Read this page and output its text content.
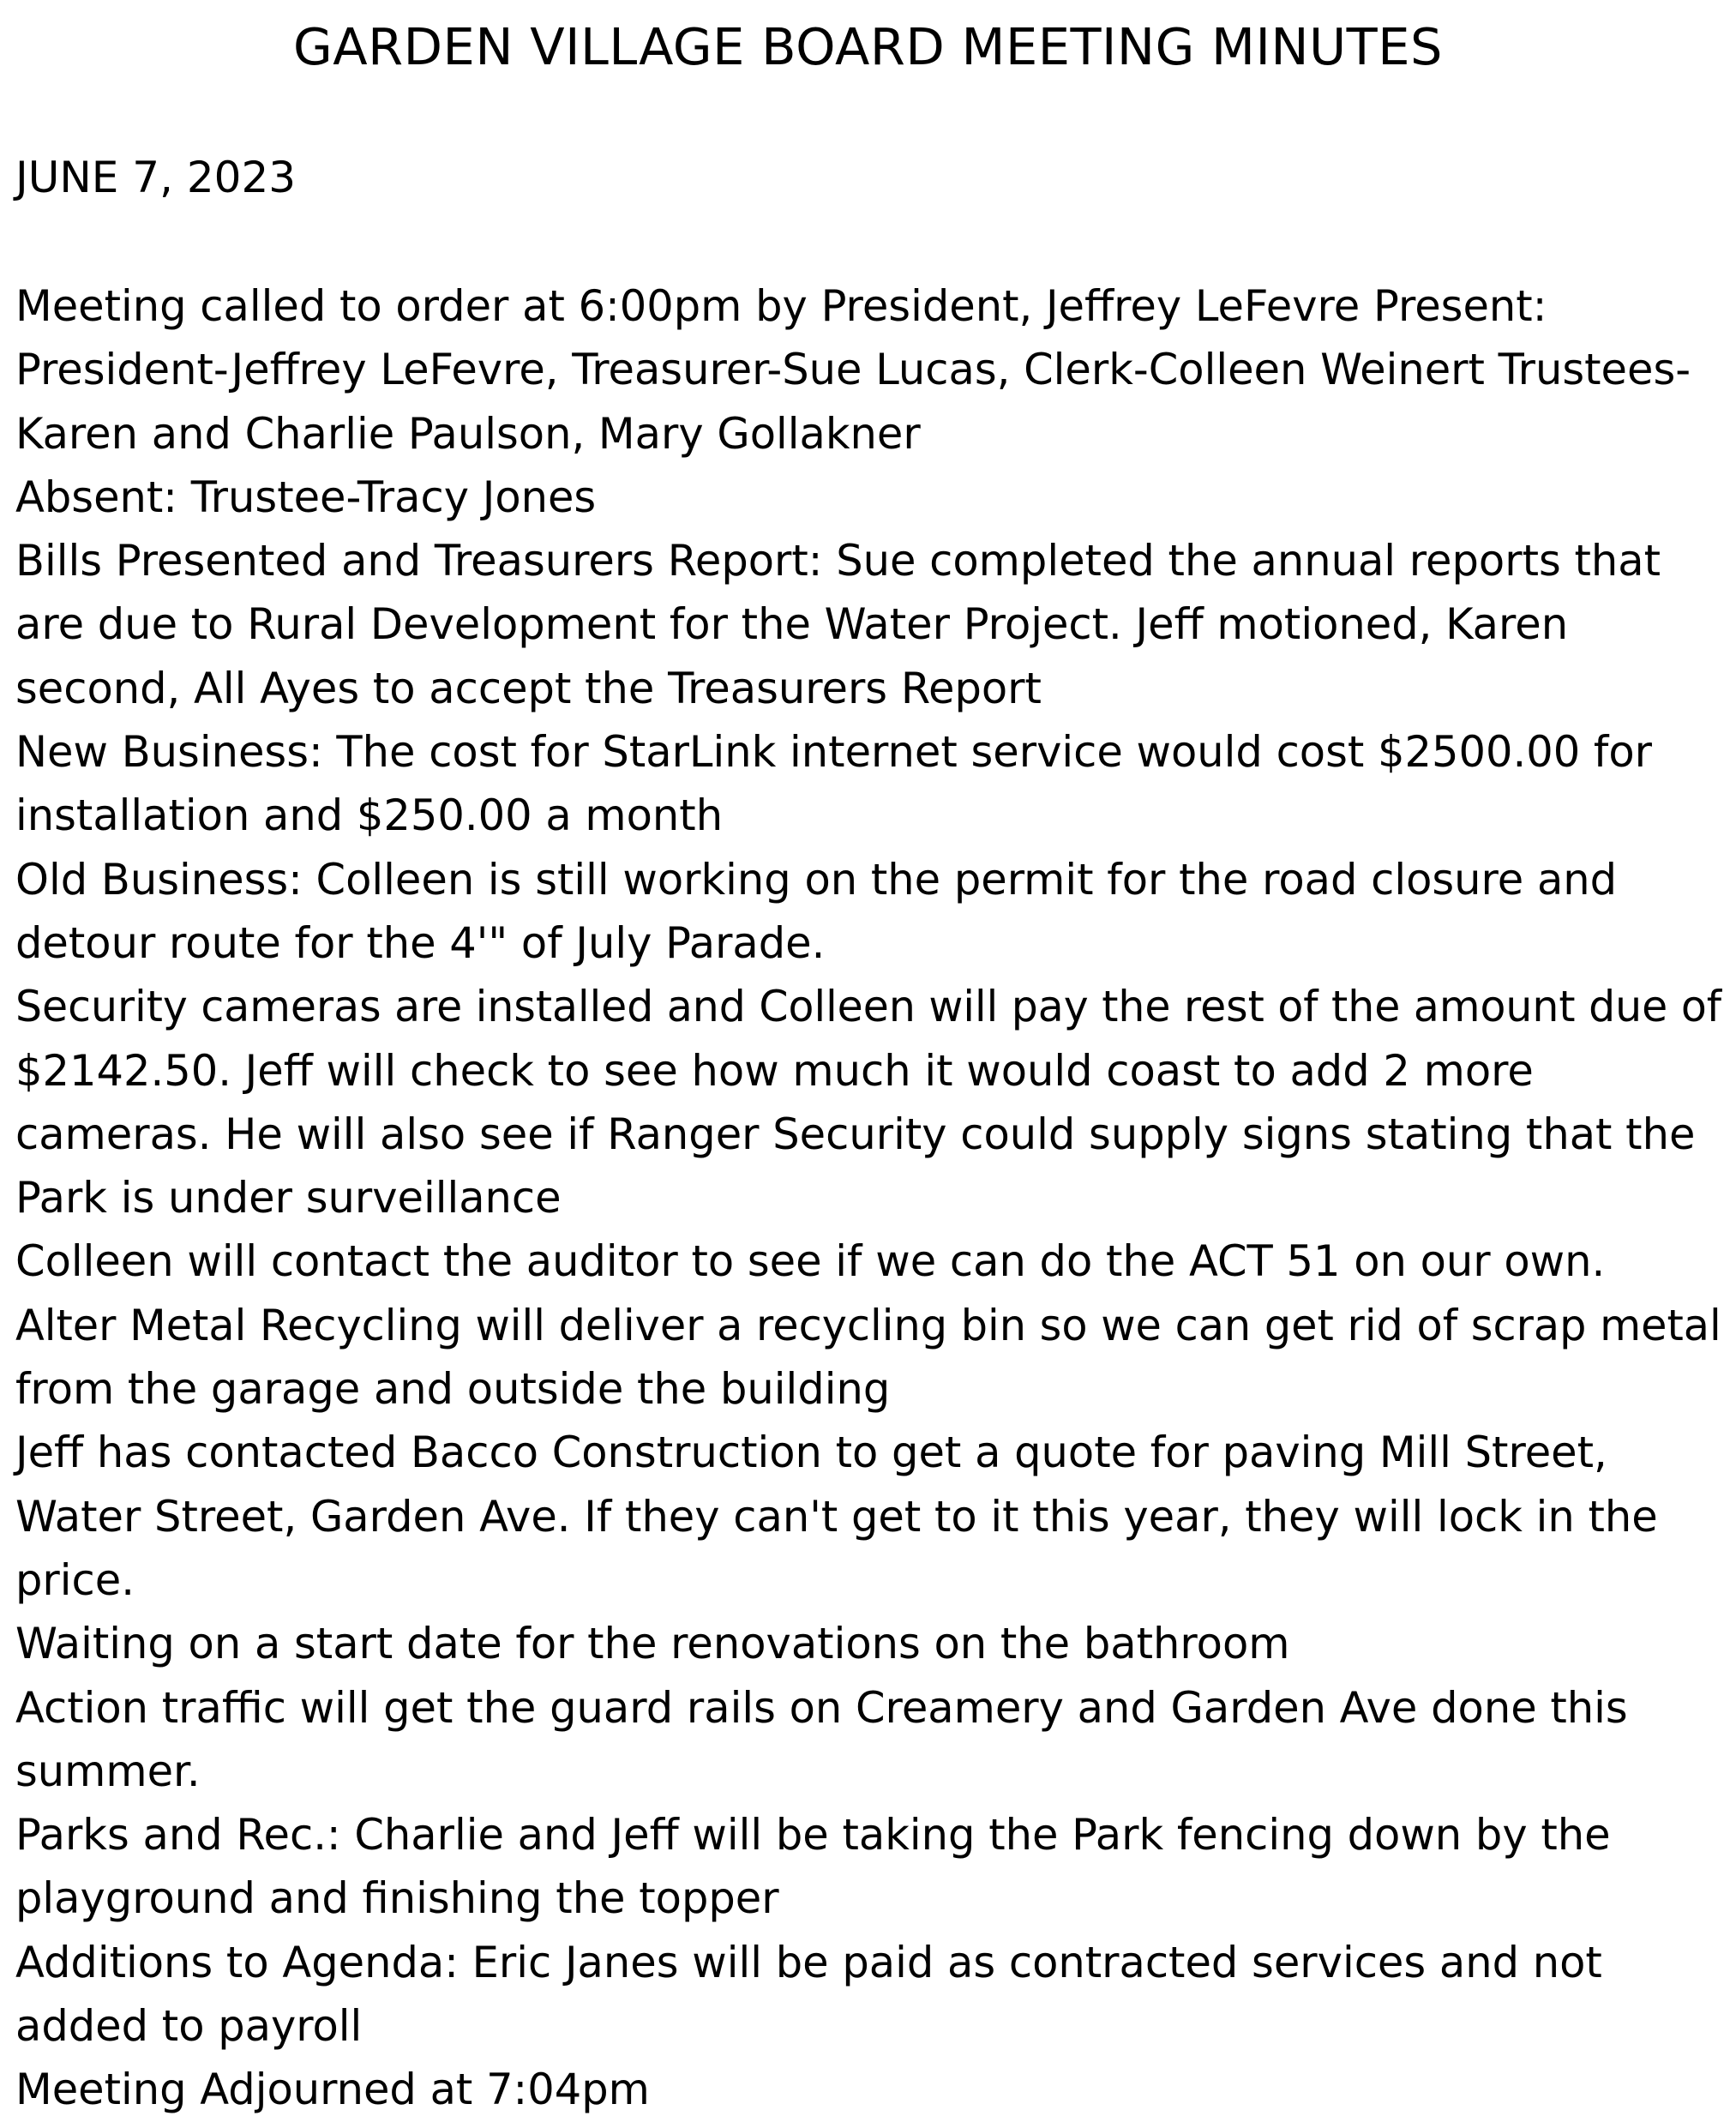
GARDEN VILLAGE BOARD MEETING MINUTES

JUNE 7, 2023

Meeting called to order at 6:00pm by President, Jeffrey LeFevre Present:
President-Jeffrey LeFevre, Treasurer-Sue Lucas, Clerk-Colleen Weinert Trustees-
Karen and Charlie Paulson, Mary Gollakner
Absent: Trustee-Tracy Jones
Bills Presented and Treasurers Report: Sue completed the annual reports that
are due to Rural Development for the Water Project. Jeff motioned, Karen
second, All Ayes to accept the Treasurers Report
New Business: The cost for StarLink internet service would cost $2500.00 for
installation and $250.00 a month
Old Business: Colleen is still working on the permit for the road closure and
detour route for the 4'" of July Parade.
Security cameras are installed and Colleen will pay the rest of the amount due of
$2142.50. Jeff will check to see how much it would coast to add 2 more
cameras. He will also see if Ranger Security could supply signs stating that the
Park is under surveillance
Colleen will contact the auditor to see if we can do the ACT 51 on our own.
Alter Metal Recycling will deliver a recycling bin so we can get rid of scrap metal
from the garage and outside the building
Jeff has contacted Bacco Construction to get a quote for paving Mill Street,
Water Street, Garden Ave. If they can't get to it this year, they will lock in the
price.
Waiting on a start date for the renovations on the bathroom
Action traffic will get the guard rails on Creamery and Garden Ave done this
summer.
Parks and Rec.: Charlie and Jeff will be taking the Park fencing down by the
playground and finishing the topper
Additions to Agenda: Eric Janes will be paid as contracted services and not
added to payroll
Meeting Adjourned at 7:04pm
